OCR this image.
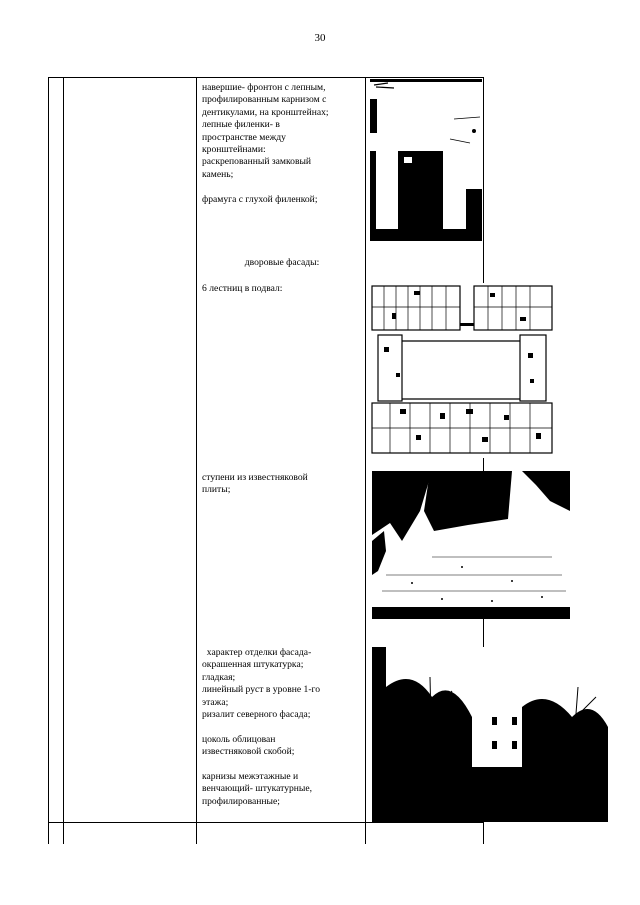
30
навершие- фронтон с лепным,
профилированным карнизом с
дентикулами, на кронштейнах;
лепные филенки- в
пространстве между
кронштейнами:
раскрепованный замковый
камень;
фрамуга с глухой филенкой;
дворовые фасады:
6 лестниц в подвал:
ступени из известняковой
плиты;
характер отделки фасада-
окрашенная штукатурка;
гладкая;
линейный руст в уровне 1-го
этажа;
ризалит северного фасада;
цоколь облицован
известняковой скобой;
карнизы межэтажные и
венчающий- штукатурные,
профилированные;
